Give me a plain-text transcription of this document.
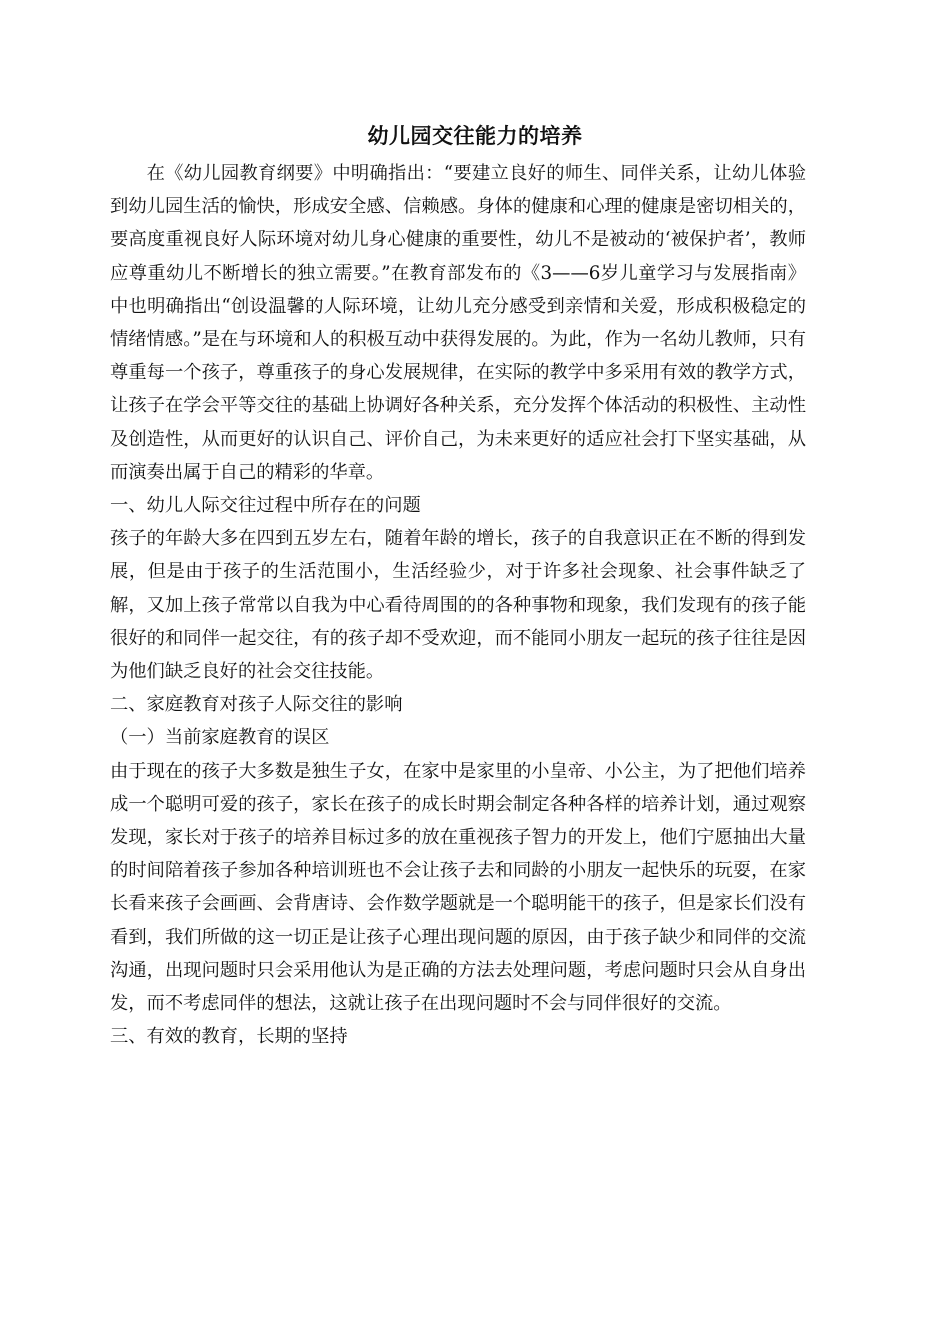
幼儿园交往能力的培养

在《幼儿园教育纲要》中明确指出：“要建立良好的师生、同伴关系，让幼儿体验到幼儿园生活的愉快，形成安全感、信赖感。身体的健康和心理的健康是密切相关的，要高度重视良好人际环境对幼儿身心健康的重要性，幼儿不是被动的‘被保护者’，教师应尊重幼儿不断增长的独立需要。”在教育部发布的《3——6岁儿童学习与发展指南》中也明确指出“创设温馨的人际环境，让幼儿充分感受到亲情和关爱，形成积极稳定的情绪情感。”是在与环境和人的积极互动中获得发展的。为此，作为一名幼儿教师，只有尊重每一个孩子，尊重孩子的身心发展规律，在实际的教学中多采用有效的教学方式，让孩子在学会平等交往的基础上协调好各种关系，充分发挥个体活动的积极性、主动性及创造性，从而更好的认识自己、评价自己，为未来更好的适应社会打下坚实基础，从而演奏出属于自己的精彩的华章。

一、幼儿人际交往过程中所存在的问题

孩子的年龄大多在四到五岁左右，随着年龄的增长，孩子的自我意识正在不断的得到发展，但是由于孩子的生活范围小，生活经验少，对于许多社会现象、社会事件缺乏了解，又加上孩子常常以自我为中心看待周围的的各种事物和现象，我们发现有的孩子能很好的和同伴一起交往，有的孩子却不受欢迎，而不能同小朋友一起玩的孩子往往是因为他们缺乏良好的社会交往技能。

二、家庭教育对孩子人际交往的影响

（一）当前家庭教育的误区

由于现在的孩子大多数是独生子女，在家中是家里的小皇帝、小公主，为了把他们培养成一个聪明可爱的孩子，家长在孩子的成长时期会制定各种各样的培养计划，通过观察发现，家长对于孩子的培养目标过多的放在重视孩子智力的开发上，他们宁愿抽出大量的时间陪着孩子参加各种培训班也不会让孩子去和同龄的小朋友一起快乐的玩耍，在家长看来孩子会画画、会背唐诗、会作数学题就是一个聪明能干的孩子，但是家长们没有看到，我们所做的这一切正是让孩子心理出现问题的原因，由于孩子缺少和同伴的交流沟通，出现问题时只会采用他认为是正确的方法去处理问题，考虑问题时只会从自身出发，而不考虑同伴的想法，这就让孩子在出现问题时不会与同伴很好的交流。

三、有效的教育，长期的坚持
